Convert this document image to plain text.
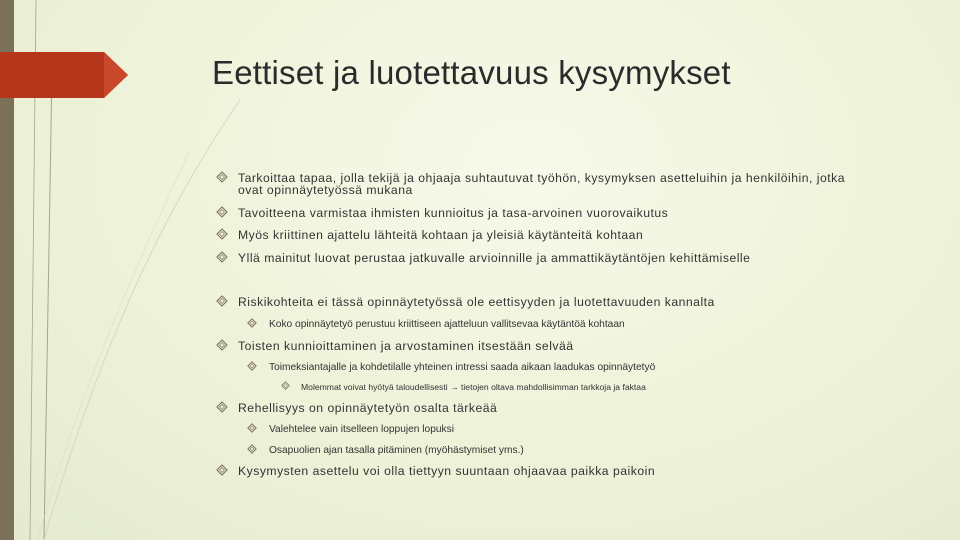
Eettiset ja luotettavuus kysymykset
Tarkoittaa tapaa, jolla tekijä ja ohjaaja suhtautuvat työhön, kysymyksen asetteluihin ja henkilöihin, jotka ovat opinnäytetyössä mukana
Tavoitteena varmistaa ihmisten kunnioitus ja tasa-arvoinen vuorovaikutus
Myös kriittinen ajattelu lähteitä kohtaan ja yleisiä käytänteitä kohtaan
Yllä mainitut luovat perustaa jatkuvalle arvioinnille ja ammattikäytäntöjen kehittämiselle
Riskikohteita ei tässä opinnäytetyössä ole eettisyyden ja luotettavuuden kannalta
Koko opinnäytetyö perustuu kriittiseen ajatteluun vallitsevaa käytäntöä kohtaan
Toisten kunnioittaminen ja arvostaminen itsestään selvää
Toimeksiantajalle ja kohdetilalle yhteinen intressi saada aikaan laadukas opinnäytetyö
Molemmat voivat hyötyä taloudellisesti → tietojen oltava mahdollisimman tarkkoja ja faktaa
Rehellisyys on opinnäytetyön osalta tärkeää
Valehtelee vain itselleen loppujen lopuksi
Osapuolien ajan tasalla pitäminen (myöhästymiset yms.)
Kysymysten asettelu voi olla tiettyyn suuntaan ohjaavaa paikka paikoin
